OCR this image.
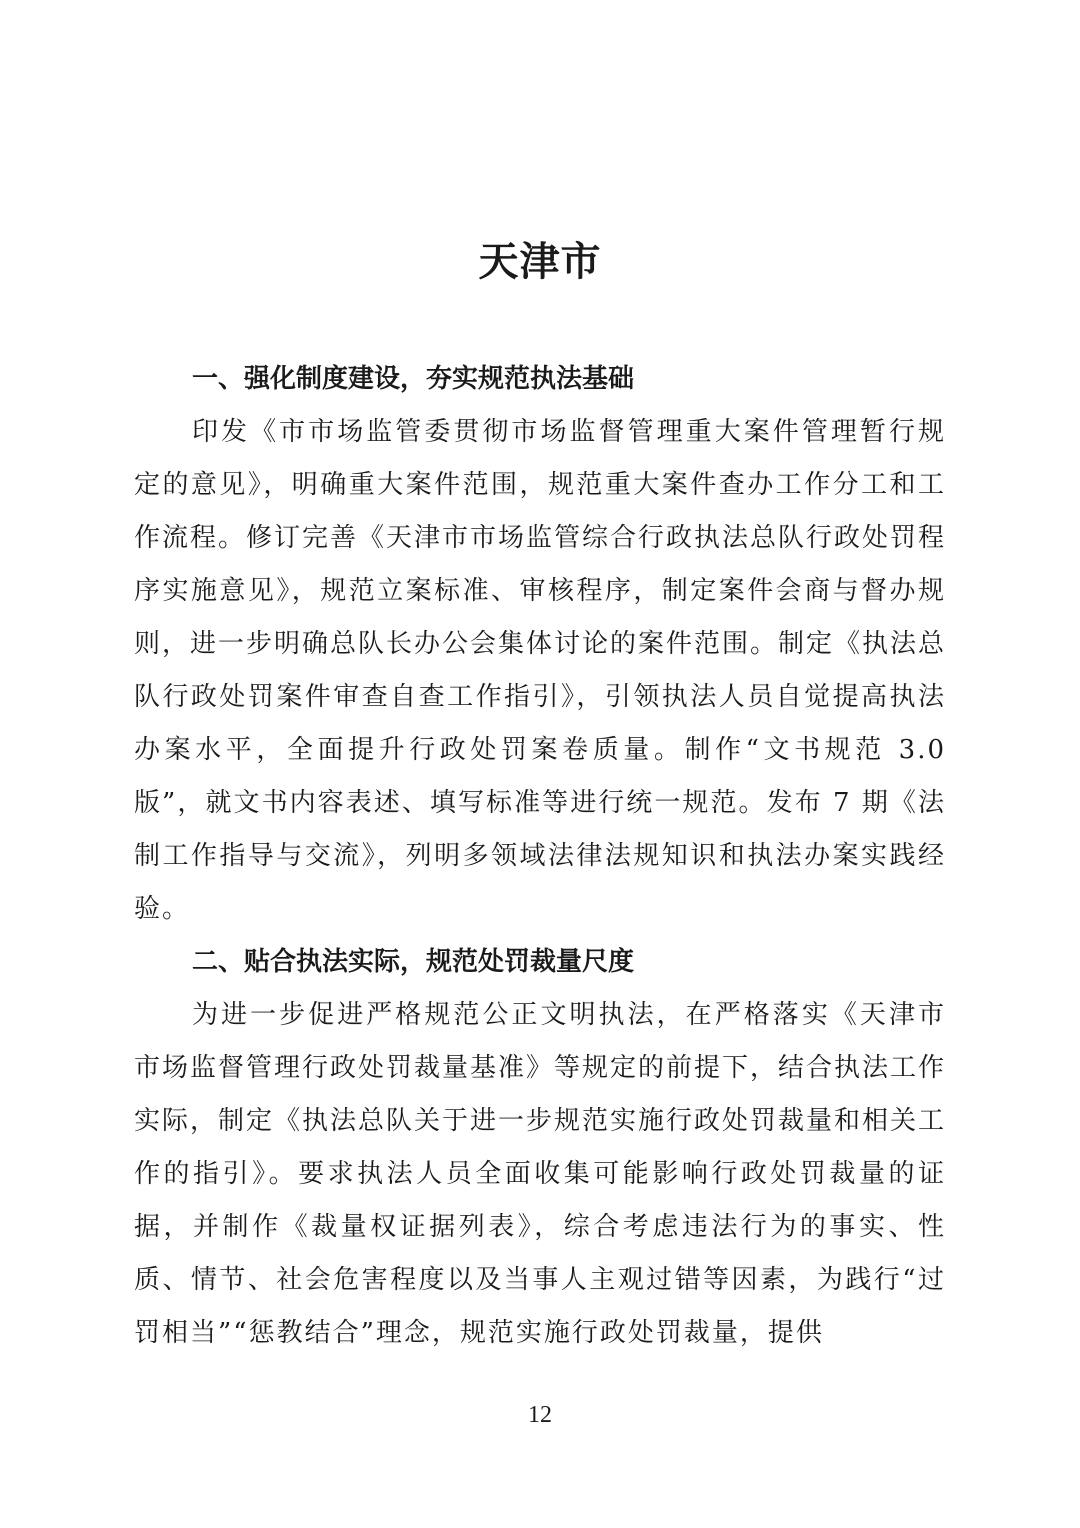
天津市

一、强化制度建设，夯实规范执法基础

印发《市市场监管委贯彻市场监督管理重大案件管理暂行规定的意见》，明确重大案件范围，规范重大案件查办工作分工和工作流程。修订完善《天津市市场监管综合行政执法总队行政处罚程序实施意见》，规范立案标准、审核程序，制定案件会商与督办规则，进一步明确总队长办公会集体讨论的案件范围。制定《执法总队行政处罚案件审查自查工作指引》，引领执法人员自觉提高执法办案水平，全面提升行政处罚案卷质量。制作“文书规范 3.0 版”，就文书内容表述、填写标准等进行统一规范。发布 7 期《法制工作指导与交流》，列明多领域法律法规知识和执法办案实践经验。

二、贴合执法实际，规范处罚裁量尺度

为进一步促进严格规范公正文明执法，在严格落实《天津市市场监督管理行政处罚裁量基准》等规定的前提下，结合执法工作实际，制定《执法总队关于进一步规范实施行政处罚裁量和相关工作的指引》。要求执法人员全面收集可能影响行政处罚裁量的证据，并制作《裁量权证据列表》，综合考虑违法行为的事实、性质、情节、社会危害程度以及当事人主观过错等因素，为践行“过罚相当”“惩教结合”理念，规范实施行政处罚裁量，提供

12
